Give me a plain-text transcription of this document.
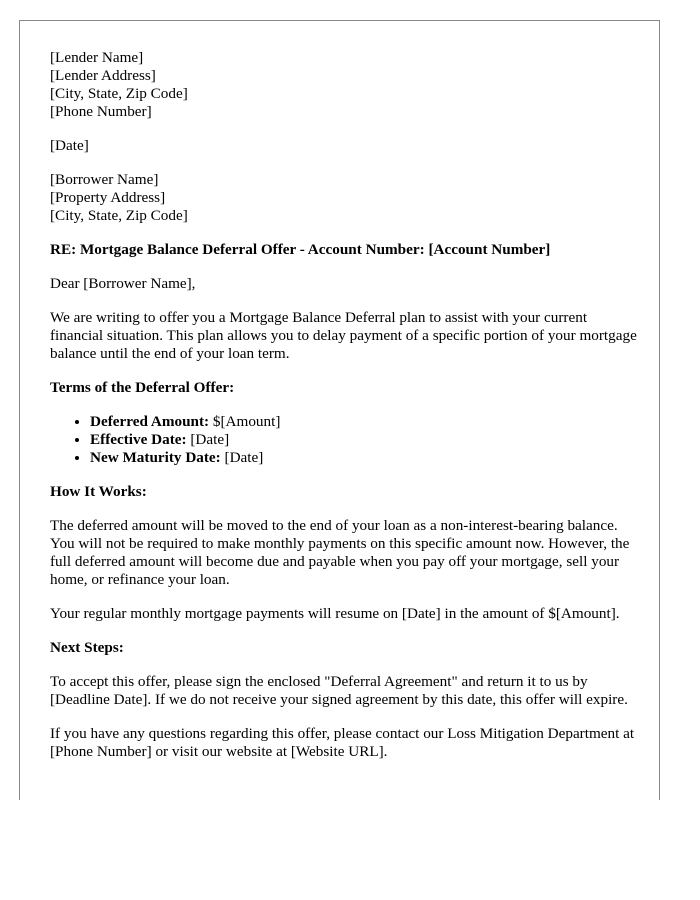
[Lender Name]
[Lender Address]
[City, State, Zip Code]
[Phone Number]

[Date]

[Borrower Name]
[Property Address]
[City, State, Zip Code]

RE: Mortgage Balance Deferral Offer - Account Number: [Account Number]

Dear [Borrower Name],

We are writing to offer you a Mortgage Balance Deferral plan to assist with your current financial situation. This plan allows you to delay payment of a specific portion of your mortgage balance until the end of your loan term.

Terms of the Deferral Offer:

• Deferred Amount: $[Amount]
• Effective Date: [Date]
• New Maturity Date: [Date]

How It Works:

The deferred amount will be moved to the end of your loan as a non-interest-bearing balance. You will not be required to make monthly payments on this specific amount now. However, the full deferred amount will become due and payable when you pay off your mortgage, sell your home, or refinance your loan.

Your regular monthly mortgage payments will resume on [Date] in the amount of $[Amount].

Next Steps:

To accept this offer, please sign the enclosed "Deferral Agreement" and return it to us by [Deadline Date]. If we do not receive your signed agreement by this date, this offer will expire.

If you have any questions regarding this offer, please contact our Loss Mitigation Department at [Phone Number] or visit our website at [Website URL].
